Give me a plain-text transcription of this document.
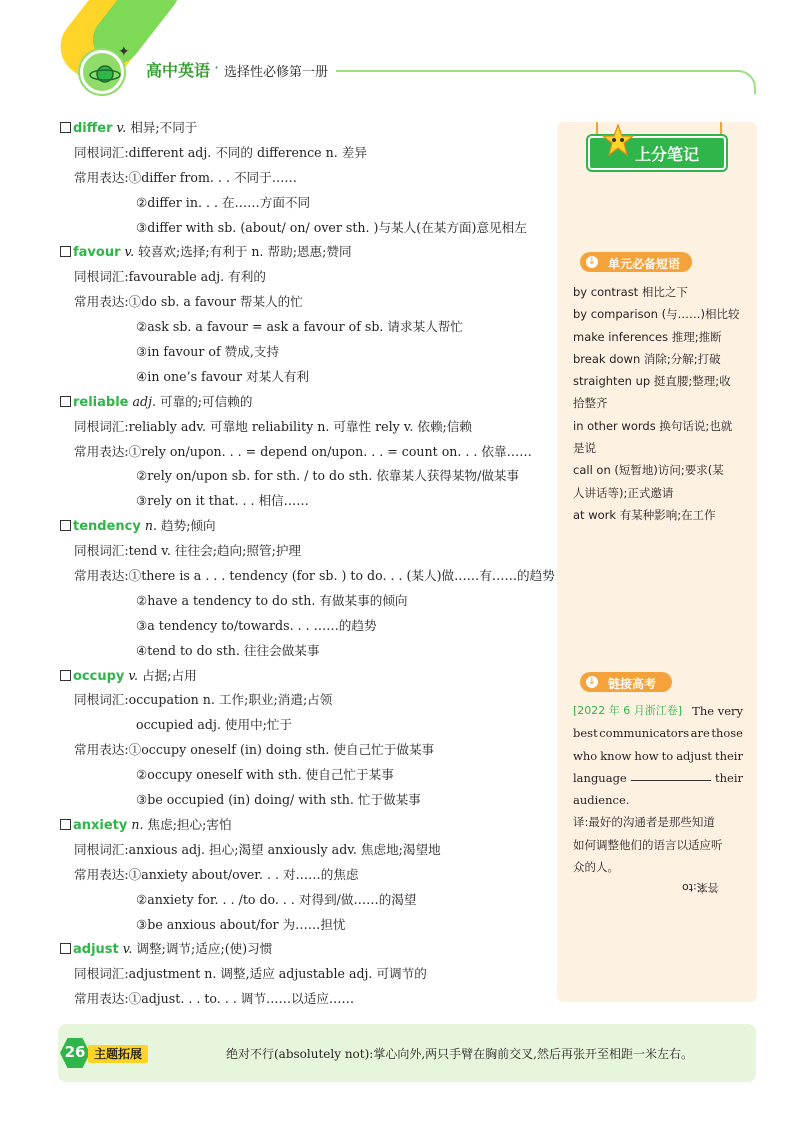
✦
高中英语 · 选择性必修第一册
differ v. 相异;不同于
同根词汇:different adj. 不同的 difference n. 差异
常用表达:①differ from. . . 不同于……
②differ in. . . 在……方面不同
③differ with sb. (about/ on/ over sth. )与某人(在某方面)意见相左
favour v. 较喜欢;选择;有利于 n. 帮助;恩惠;赞同
同根词汇:favourable adj. 有利的
常用表达:①do sb. a favour 帮某人的忙
②ask sb. a favour = ask a favour of sb. 请求某人帮忙
③in favour of 赞成,支持
④in one’s favour 对某人有利
reliable adj. 可靠的;可信赖的
同根词汇:reliably adv. 可靠地 reliability n. 可靠性 rely v. 依赖;信赖
常用表达:①rely on/upon. . . = depend on/upon. . . = count on. . . 依靠……
②rely on/upon sb. for sth. / to do sth. 依靠某人获得某物/做某事
③rely on it that. . . 相信……
tendency n. 趋势;倾向
同根词汇:tend v. 往往会;趋向;照管;护理
常用表达:①there is a . . . tendency (for sb. ) to do. . . (某人)做……有……的趋势
②have a tendency to do sth. 有做某事的倾向
③a tendency to/towards. . . ……的趋势
④tend to do sth. 往往会做某事
occupy v. 占据;占用
同根词汇:occupation n. 工作;职业;消遣;占领
occupied adj. 使用中;忙于
常用表达:①occupy oneself (in) doing sth. 使自己忙于做某事
②occupy oneself with sth. 使自己忙于某事
③be occupied (in) doing/ with sth. 忙于做某事
anxiety n. 焦虑;担心;害怕
同根词汇:anxious adj. 担心;渴望 anxiously adv. 焦虑地;渴望地
常用表达:①anxiety about/over. . . 对……的焦虑
②anxiety for. . . /to do. . . 对得到/做……的渴望
③be anxious about/for 为……担忧
adjust v. 调整;调节;适应;(使)习惯
同根词汇:adjustment n. 调整,适应 adjustable adj. 可调节的
常用表达:①adjust. . . to. . . 调节……以适应……
上分笔记
↓ 单元必备短语
by contrast 相比之下
by comparison (与……)相比较
make inferences 推理;推断
break down 消除;分解;打破
straighten up 挺直腰;整理;收
拾整齐
in other words 换句话说;也就
是说
call on (短暂地)访问;要求(某
人讲话等);正式邀请
at work 有某种影响;在工作
↓ 链接高考
[2022 年 6 月浙江卷] The very
best communicators are those
who know how to adjust their
language	their
audience.
译:最好的沟通者是那些知道
如何调整他们的语言以适应听
众的人。
答案:to
26 主题拓展	绝对不行(absolutely not):掌心向外,两只手臂在胸前交叉,然后再张开至相距一米左右。
